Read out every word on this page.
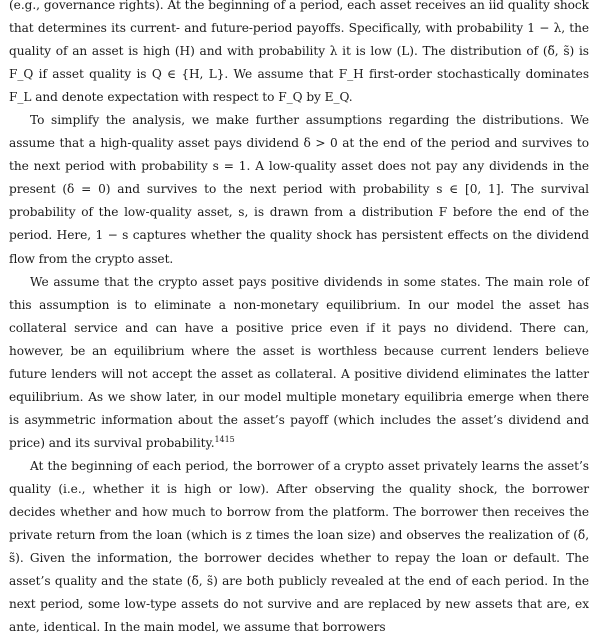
(e.g., governance rights). At the beginning of a period, each asset receives an iid quality shock that determines its current- and future-period payoffs. Specifically, with probability 1 − λ, the quality of an asset is high (H) and with probability λ it is low (L). The distribution of (δ̃, s̃) is F_Q if asset quality is Q ∈ {H, L}. We assume that F_H first-order stochastically dominates F_L and denote expectation with respect to F_Q by E_Q.

To simplify the analysis, we make further assumptions regarding the distributions. We assume that a high-quality asset pays dividend δ > 0 at the end of the period and survives to the next period with probability s = 1. A low-quality asset does not pay any dividends in the present (δ = 0) and survives to the next period with probability s ∈ [0, 1]. The survival probability of the low-quality asset, s, is drawn from a distribution F before the end of the period. Here, 1 − s captures whether the quality shock has persistent effects on the dividend flow from the crypto asset.

We assume that the crypto asset pays positive dividends in some states. The main role of this assumption is to eliminate a non-monetary equilibrium. In our model the asset has collateral service and can have a positive price even if it pays no dividend. There can, however, be an equilibrium where the asset is worthless because current lenders believe future lenders will not accept the asset as collateral. A positive dividend eliminates the latter equilibrium. As we show later, in our model multiple monetary equilibria emerge when there is asymmetric information about the asset’s payoff (which includes the asset’s dividend and price) and its survival probability.$^{1415}$

At the beginning of each period, the borrower of a crypto asset privately learns the asset’s quality (i.e., whether it is high or low). After observing the quality shock, the borrower decides whether and how much to borrow from the platform. The borrower then receives the private return from the loan (which is z times the loan size) and observes the realization of (δ̃, s̃). Given the information, the borrower decides whether to repay the loan or default. The asset’s quality and the state (δ̃, s̃) are both publicly revealed at the end of each period. In the next period, some low-type assets do not survive and are replaced by new assets that are, ex ante, identical. In the main model, we assume that borrowers
